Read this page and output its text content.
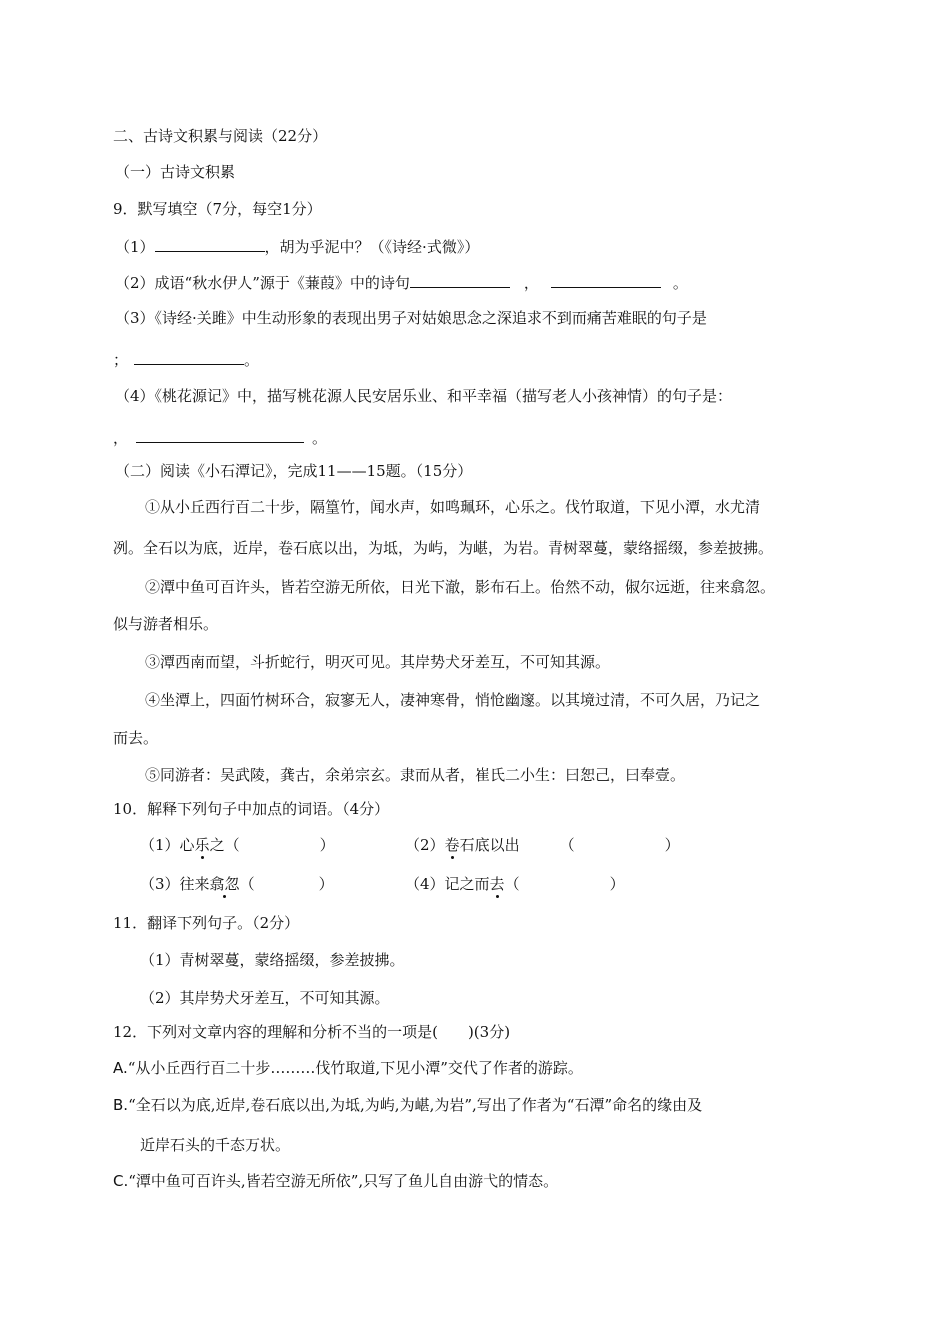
二、古诗文积累与阅读（22分）
（一）古诗文积累
9．默写填空（7分，每空1分）
（1）	，胡为乎泥中？（《诗经·式微》）
（2）成语“秋水伊人”源于《蒹葭》中的诗句	，	。
（3）《诗经·关雎》中生动形象的表现出男子对姑娘思念之深追求不到而痛苦难眠的句子是
；	。
（4）《桃花源记》中，描写桃花源人民安居乐业、和平幸福（描写老人小孩神情）的句子是：
，	。
（二）阅读《小石潭记》，完成11——15题。（15分）
①从小丘西行百二十步，隔篁竹，闻水声，如鸣珮环，心乐之。伐竹取道，下见小潭，水尤清
冽。全石以为底，近岸，卷石底以出，为坻，为屿，为嵁，为岩。青树翠蔓，蒙络摇缀，参差披拂。
②潭中鱼可百许头，皆若空游无所依，日光下澈，影布石上。佁然不动，俶尔远逝，往来翕忽。
似与游者相乐。
③潭西南而望，斗折蛇行，明灭可见。其岸势犬牙差互，不可知其源。
④坐潭上，四面竹树环合，寂寥无人，凄神寒骨，悄怆幽邃。以其境过清，不可久居，乃记之
而去。
⑤同游者：吴武陵，龚古，余弟宗玄。隶而从者，崔氏二小生：曰恕己，曰奉壹。
10．解释下列句子中加点的词语。（4分）
（1）心乐之（	）	（2）卷石底以出	（	）
（3）往来翕忽（	）	（4）记之而去（	）
11．翻译下列句子。（2分）
（1）青树翠蔓，蒙络摇缀，参差披拂。
（2）其岸势犬牙差互，不可知其源。
12．下列对文章内容的理解和分析不当的一项是(　　)(3分)
A.“从小丘西行百二十步………伐竹取道,下见小潭”交代了作者的游踪。
B.“全石以为底,近岸,卷石底以出,为坻,为屿,为嵁,为岩”,写出了作者为“石潭”命名的缘由及
近岸石头的千态万状。
C.“潭中鱼可百许头,皆若空游无所依”,只写了鱼儿自由游弋的情态。
